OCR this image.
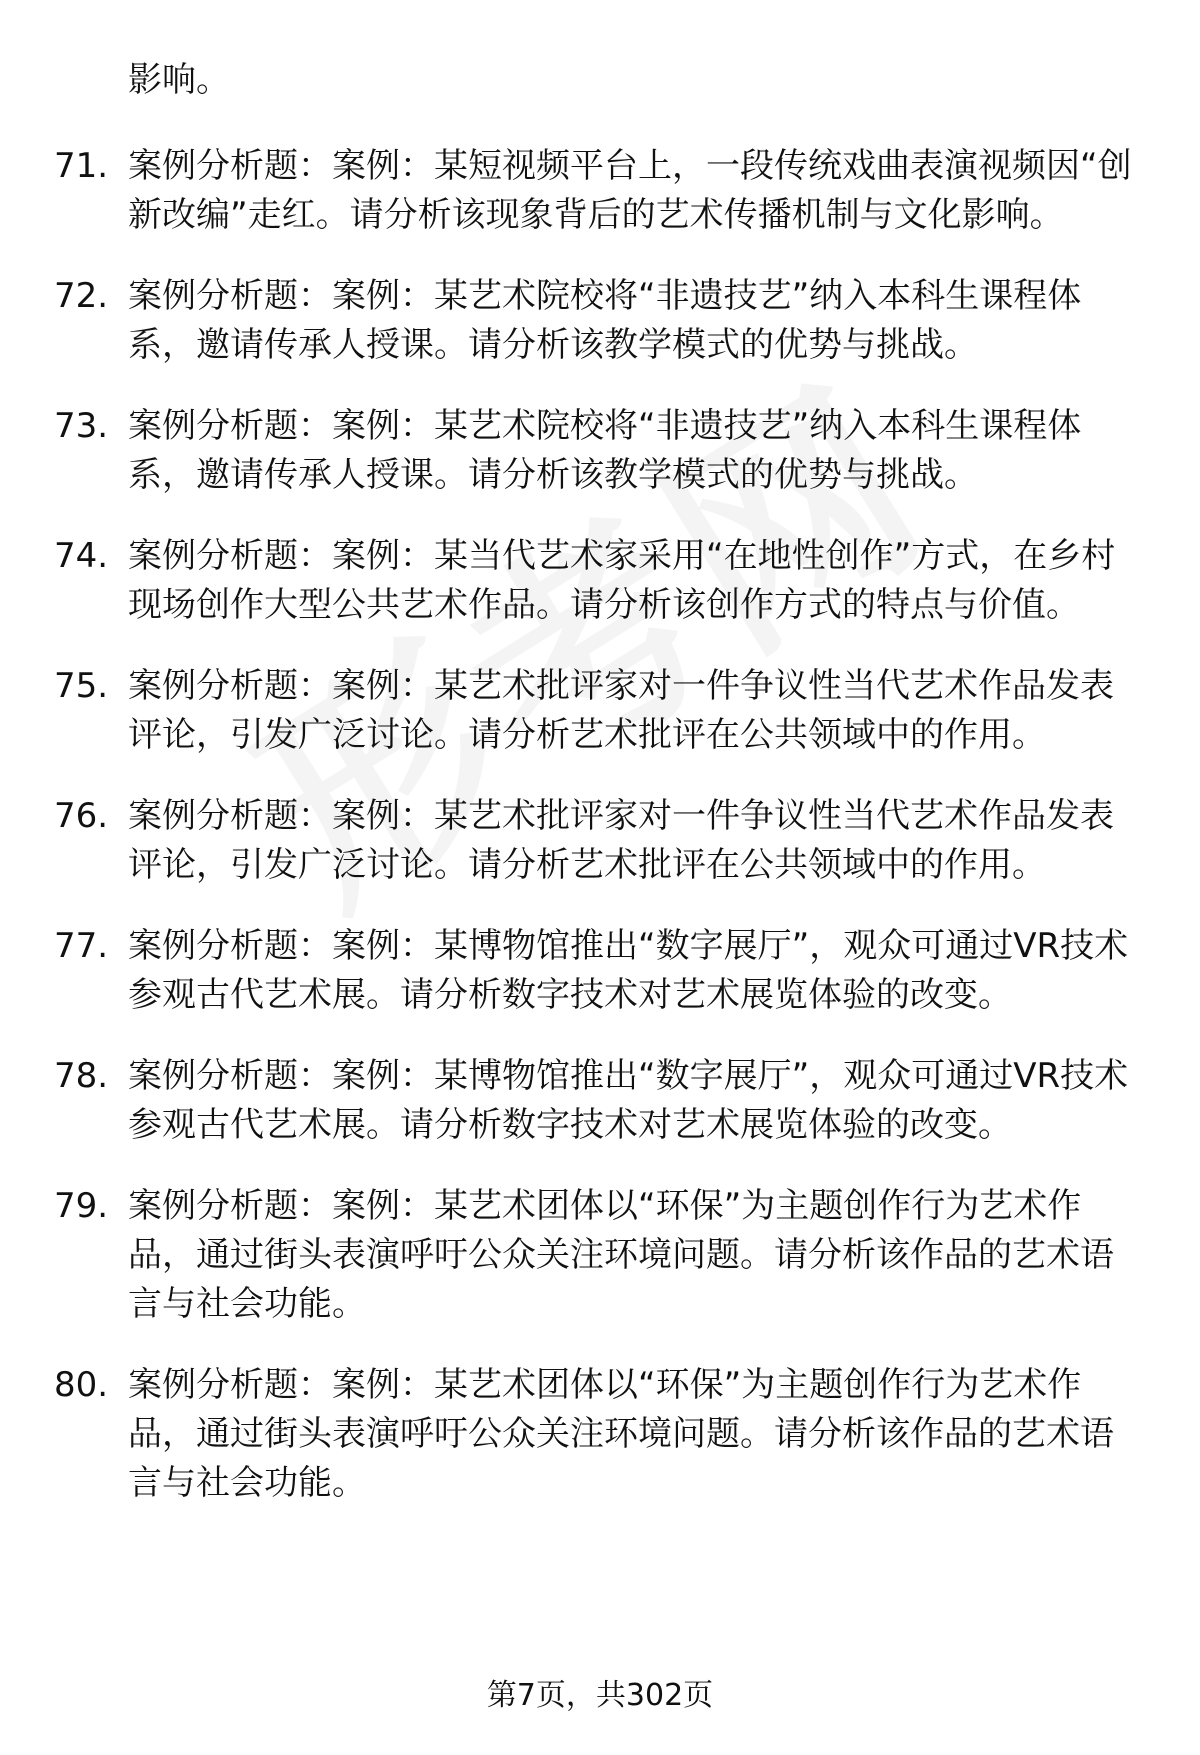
影响。
71. 案例分析题：案例：某短视频平台上，一段传统戏曲表演视频因“创新改编”走红。请分析该现象背后的艺术传播机制与文化影响。
72. 案例分析题：案例：某艺术院校将“非遗技艺”纳入本科生课程体系，邀请传承人授课。请分析该教学模式的优势与挑战。
73. 案例分析题：案例：某艺术院校将“非遗技艺”纳入本科生课程体系，邀请传承人授课。请分析该教学模式的优势与挑战。
74. 案例分析题：案例：某当代艺术家采用“在地性创作”方式，在乡村现场创作大型公共艺术作品。请分析该创作方式的特点与价值。
75. 案例分析题：案例：某艺术批评家对一件争议性当代艺术作品发表评论，引发广泛讨论。请分析艺术批评在公共领域中的作用。
76. 案例分析题：案例：某艺术批评家对一件争议性当代艺术作品发表评论，引发广泛讨论。请分析艺术批评在公共领域中的作用。
77. 案例分析题：案例：某博物馆推出“数字展厅”，观众可通过VR技术参观古代艺术展。请分析数字技术对艺术展览体验的改变。
78. 案例分析题：案例：某博物馆推出“数字展厅”，观众可通过VR技术参观古代艺术展。请分析数字技术对艺术展览体验的改变。
79. 案例分析题：案例：某艺术团体以“环保”为主题创作行为艺术作品，通过街头表演呼吁公众关注环境问题。请分析该作品的艺术语言与社会功能。
80. 案例分析题：案例：某艺术团体以“环保”为主题创作行为艺术作品，通过街头表演呼吁公众关注环境问题。请分析该作品的艺术语言与社会功能。
第7页，共302页
